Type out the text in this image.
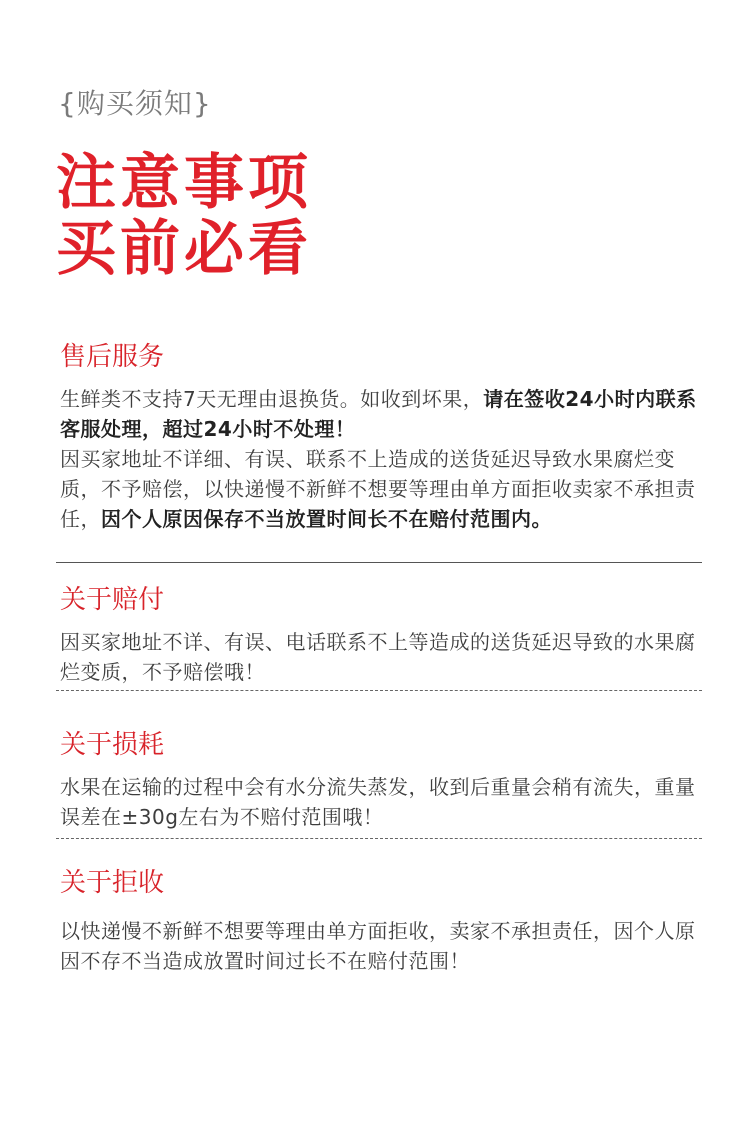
{购买须知}
注意事项
买前必看
售后服务
生鲜类不支持7天无理由退换货。如收到坏果，请在签收24小时内联系客服处理，超过24小时不处理！
因买家地址不详细、有误、联系不上造成的送货延迟导致水果腐烂变质，不予赔偿，以快递慢不新鲜不想要等理由单方面拒收卖家不承担责任，因个人原因保存不当放置时间长不在赔付范围内。
关于赔付
因买家地址不详、有误、电话联系不上等造成的送货延迟导致的水果腐烂变质，不予赔偿哦！
关于损耗
水果在运输的过程中会有水分流失蒸发，收到后重量会稍有流失，重量误差在±30g左右为不赔付范围哦！
关于拒收
以快递慢不新鲜不想要等理由单方面拒收，卖家不承担责任，因个人原因不存不当造成放置时间过长不在赔付范围！
